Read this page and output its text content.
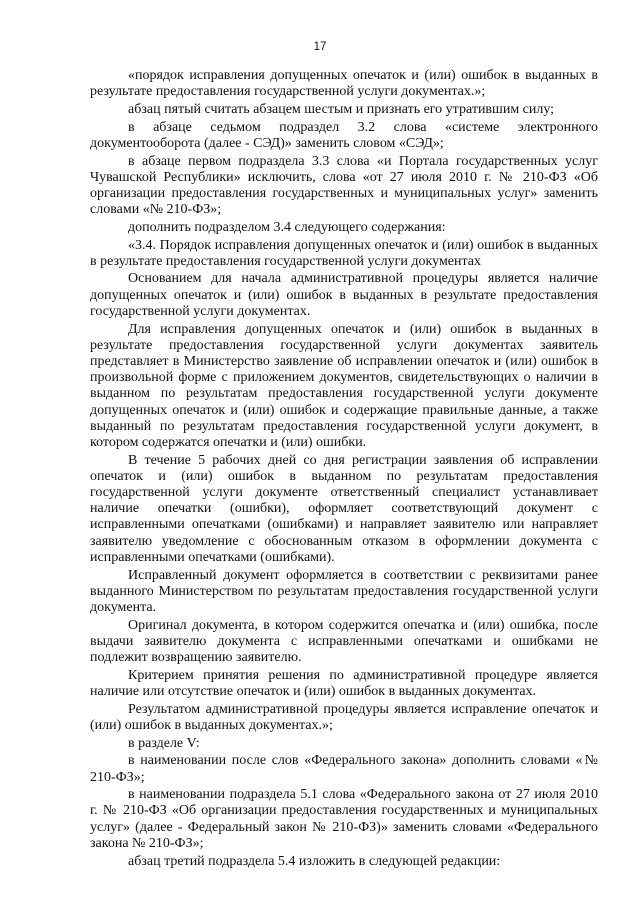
17

«порядок исправления допущенных опечаток и (или) ошибок в выданных в результате предоставления государственной услуги документах.»;

абзац пятый считать абзацем шестым и признать его утратившим силу;

в абзаце седьмом подраздел 3.2 слова «системе электронного документооборота (далее - СЭД)» заменить словом «СЭД»;

в абзаце первом подраздела 3.3 слова «и Портала государственных услуг Чувашской Республики» исключить, слова «от 27 июля 2010 г. № 210-ФЗ «Об организации предоставления государственных и муниципальных услуг» заменить словами «№ 210-ФЗ»;

дополнить подразделом 3.4 следующего содержания:

«3.4. Порядок исправления допущенных опечаток и (или) ошибок в выданных в результате предоставления государственной услуги документах

Основанием для начала административной процедуры является наличие допущенных опечаток и (или) ошибок в выданных в результате предоставления государственной услуги документах.

Для исправления допущенных опечаток и (или) ошибок в выданных в результате предоставления государственной услуги документах заявитель представляет в Министерство заявление об исправлении опечаток и (или) ошибок в произвольной форме с приложением документов, свидетельствующих о наличии в выданном по результатам предоставления государственной услуги документе допущенных опечаток и (или) ошибок и содержащие правильные данные, а также выданный по результатам предоставления государственной услуги документ, в котором содержатся опечатки и (или) ошибки.

В течение 5 рабочих дней со дня регистрации заявления об исправлении опечаток и (или) ошибок в выданном по результатам предоставления государственной услуги документе ответственный специалист устанавливает наличие опечатки (ошибки), оформляет соответствующий документ с исправленными опечатками (ошибками) и направляет заявителю или направляет заявителю уведомление с обоснованным отказом в оформлении документа с исправленными опечатками (ошибками).

Исправленный документ оформляется в соответствии с реквизитами ранее выданного Министерством по результатам предоставления государственной услуги документа.

Оригинал документа, в котором содержится опечатка и (или) ошибка, после выдачи заявителю документа с исправленными опечатками и ошибками не подлежит возвращению заявителю.

Критерием принятия решения по административной процедуре является наличие или отсутствие опечаток и (или) ошибок в выданных документах.

Результатом административной процедуры является исправление опечаток и (или) ошибок в выданных документах.»;

в разделе V:

в наименовании после слов «Федерального закона» дополнить словами «№ 210-ФЗ»;

в наименовании подраздела 5.1 слова «Федерального закона от 27 июля 2010 г. № 210-ФЗ «Об организации предоставления государственных и муниципальных услуг» (далее - Федеральный закон № 210-ФЗ)» заменить словами «Федерального закона № 210-ФЗ»;

абзац третий подраздела 5.4 изложить в следующей редакции:
